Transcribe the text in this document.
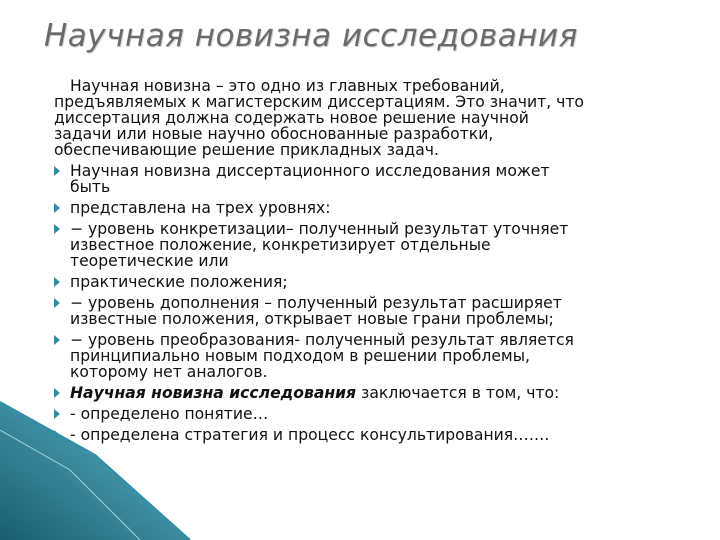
Научная новизна исследования
Научная новизна – это одно из главных требований,
предъявляемых к магистерским диссертациям. Это значит, что
диссертация должна содержать новое решение научной
задачи или новые научно обоснованные разработки,
обеспечивающие решение прикладных задач.
Научная новизна диссертационного исследования может
быть
представлена на трех уровнях:
− уровень конкретизации– полученный результат уточняет
известное положение, конкретизирует отдельные
теоретические или
практические положения;
− уровень дополнения – полученный результат расширяет
известные положения, открывает новые грани проблемы;
− уровень преобразования- полученный результат является
принципиально новым подходом в решении проблемы,
которому нет аналогов.
Научная новизна исследования заключается в том, что:
- определено понятие…
- определена стратегия и процесс консультирования…….
